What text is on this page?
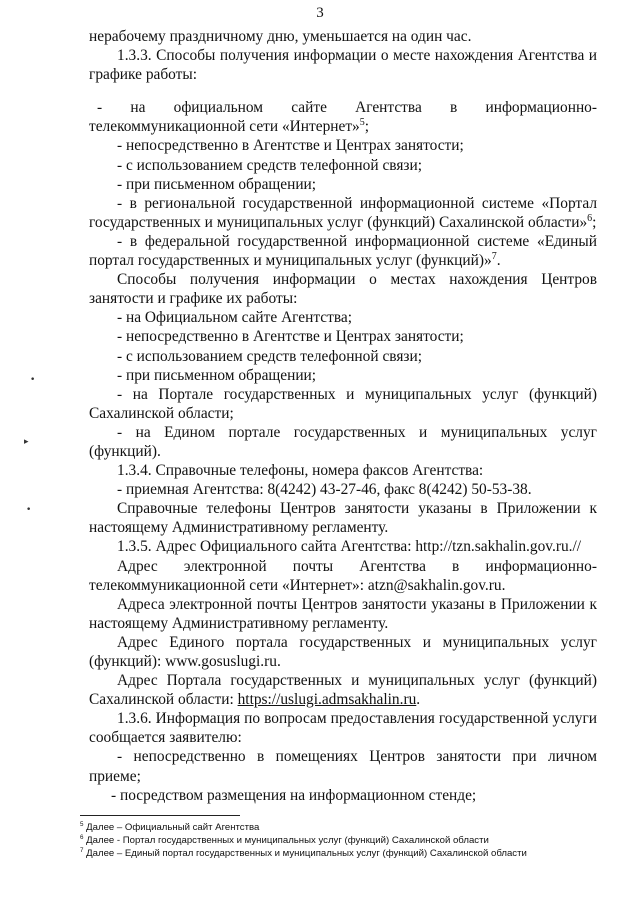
3

нерабочему праздничному дню, уменьшается на один час.

1.3.3. Способы получения информации о месте нахождения Агентства и графике работы:

- на официальном сайте Агентства в информационно-телекоммуникационной сети «Интернет»$^5$;

- непосредственно в Агентстве и Центрах занятости;

- с использованием средств телефонной связи;

- при письменном обращении;

- в региональной государственной информационной системе «Портал государственных и муниципальных услуг (функций) Сахалинской области»$^6$;

- в федеральной государственной информационной системе «Единый портал государственных и муниципальных услуг (функций)»$^7$.

Способы получения информации о местах нахождения Центров занятости и графике их работы:

- на Официальном сайте Агентства;

- непосредственно в Агентстве и Центрах занятости;

- с использованием средств телефонной связи;

- при письменном обращении;

- на Портале государственных и муниципальных услуг (функций) Сахалинской области;

- на Едином портале государственных и муниципальных услуг (функций).

1.3.4. Справочные телефоны, номера факсов Агентства:

- приемная Агентства: 8(4242) 43-27-46, факс 8(4242) 50-53-38.

Справочные телефоны Центров занятости указаны в Приложении к настоящему Административному регламенту.

1.3.5. Адрес Официального сайта Агентства: http://tzn.sakhalin.gov.ru.//

Адрес электронной почты Агентства в информационно-телекоммуникационной сети «Интернет»: atzn@sakhalin.gov.ru.

Адреса электронной почты Центров занятости указаны в Приложении к настоящему Административному регламенту.

Адрес Единого портала государственных и муниципальных услуг (функций): www.gosuslugi.ru.

Адрес Портала государственных и муниципальных услуг (функций) Сахалинской области: https://uslugi.admsakhalin.ru.

1.3.6. Информация по вопросам предоставления государственной услуги сообщается заявителю:

- непосредственно в помещениях Центров занятости при личном приеме;

- посредством размещения на информационном стенде;

$^5$ Далее – Официальный сайт Агентства
$^6$ Далее - Портал государственных и муниципальных услуг (функций) Сахалинской области
$^7$ Далее – Единый портал государственных и муниципальных услуг (функций) Сахалинской области
•
▸
•
